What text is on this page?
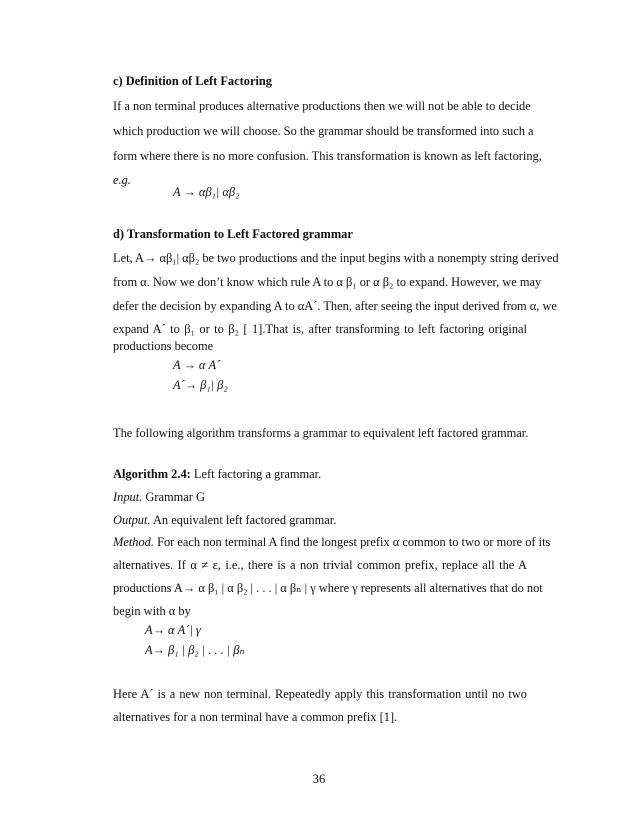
c) Definition of Left Factoring
If a non terminal produces alternative productions then we will not be able to decide
which production we will choose. So the grammar should be transformed into such a
form where there is no more confusion. This transformation is known as left factoring,
e.g.
A → αβ₁| αβ₂
d) Transformation to Left Factored grammar
Let, A→ αβ₁| αβ₂ be two productions and the input begins with a nonempty string derived
from α. Now we don’t know which rule A to α β₁ or α β₂ to expand. However, we may
defer the decision by expanding A to αA´. Then, after seeing the input derived from α, we
expand A´ to β₁ or to β₂ [ 1].That is, after transforming to left factoring original
productions become
A → α A´
A´→ β₁| β₂
The following algorithm transforms a grammar to equivalent left factored grammar.
Algorithm 2.4: Left factoring a grammar.
Input. Grammar G
Output. An equivalent left factored grammar.
Method. For each non terminal A find the longest prefix α common to two or more of its
alternatives. If α ≠ ε, i.e., there is a non trivial common prefix, replace all the A
productions A→ α β₁ | α β₂ | . . . | α βₙ | γ where γ represents all alternatives that do not
begin with α by
A→ α A´| γ
A→ β₁ | β₂ | . . . | βₙ
Here A´ is a new non terminal. Repeatedly apply this transformation until no two
alternatives for a non terminal have a common prefix [1].
36
